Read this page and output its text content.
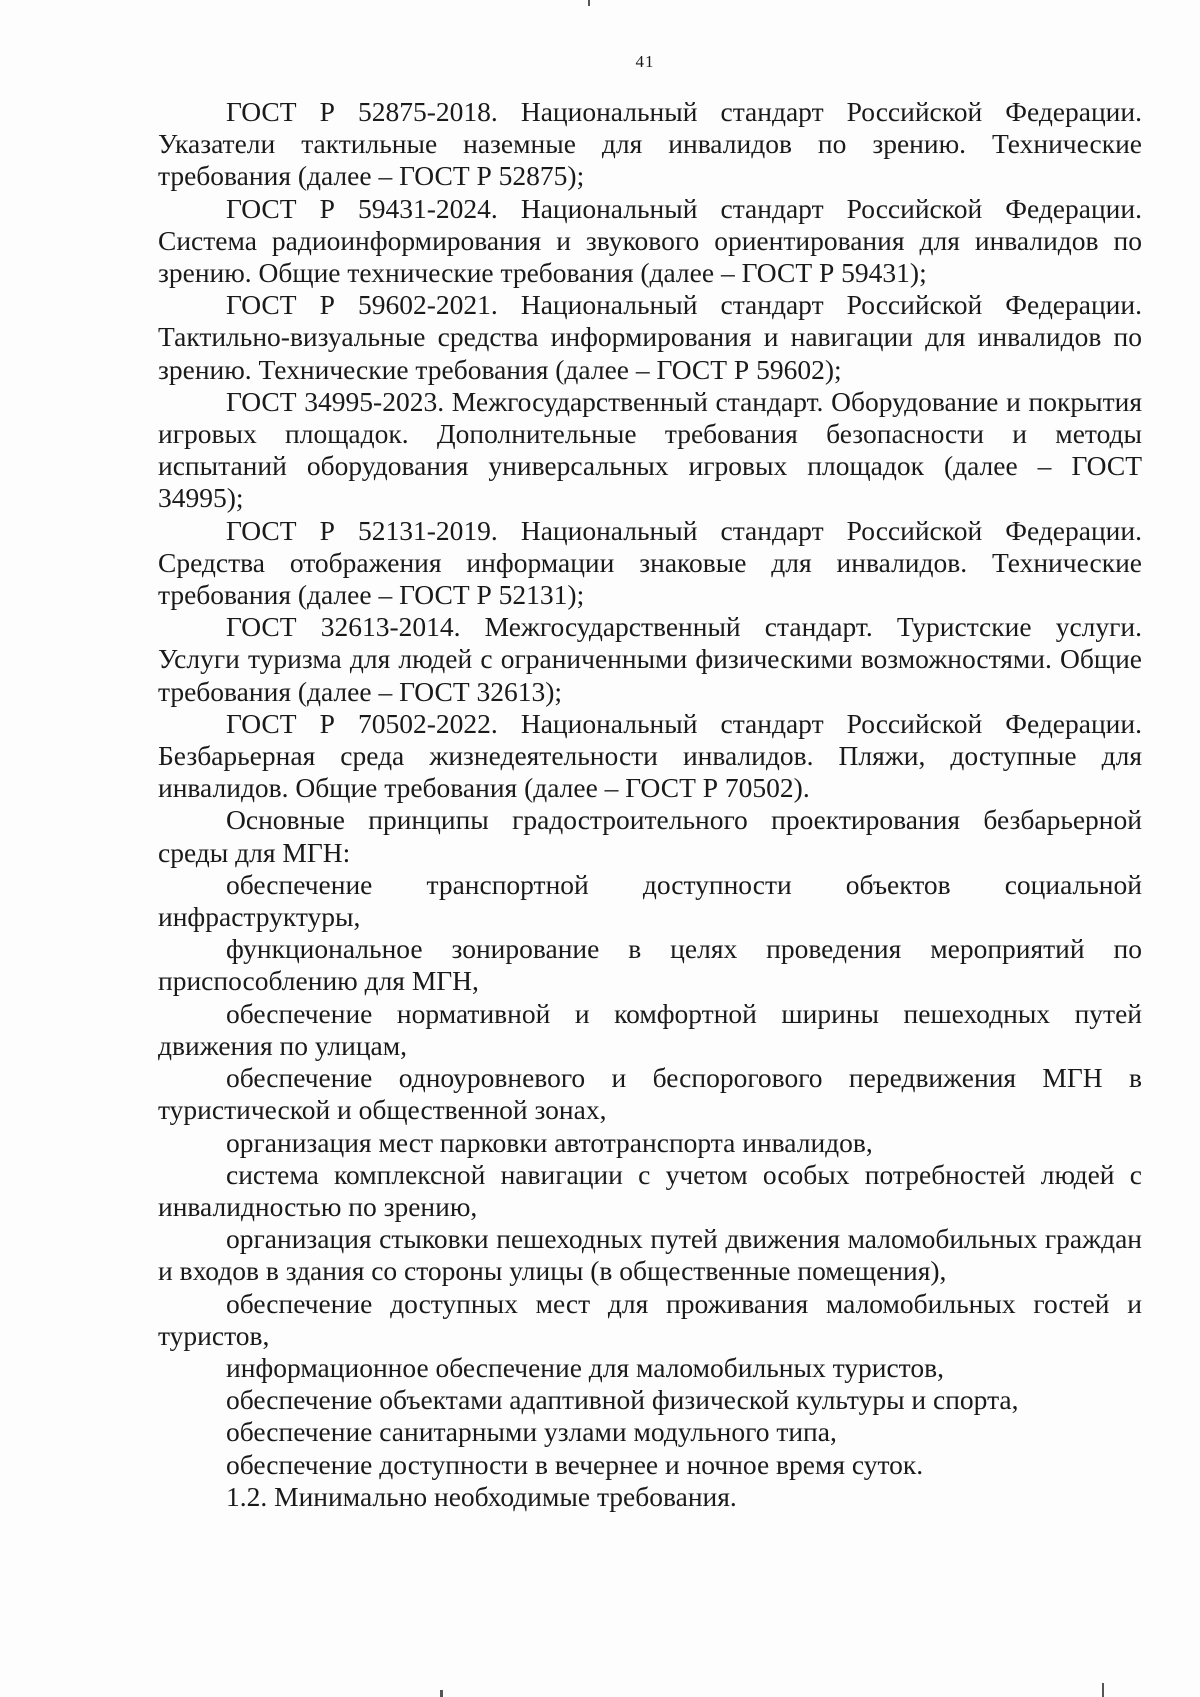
41

ГОСТ Р 52875-2018. Национальный стандарт Российской Федерации. Указатели тактильные наземные для инвалидов по зрению. Технические требования (далее – ГОСТ Р 52875);

ГОСТ Р 59431-2024. Национальный стандарт Российской Федерации. Система радиоинформирования и звукового ориентирования для инвалидов по зрению. Общие технические требования (далее – ГОСТ Р 59431);

ГОСТ Р 59602-2021. Национальный стандарт Российской Федерации. Тактильно-визуальные средства информирования и навигации для инвалидов по зрению. Технические требования (далее – ГОСТ Р 59602);

ГОСТ 34995-2023. Межгосударственный стандарт. Оборудование и покрытия игровых площадок. Дополнительные требования безопасности и методы испытаний оборудования универсальных игровых площадок (далее – ГОСТ 34995);

ГОСТ Р 52131-2019. Национальный стандарт Российской Федерации. Средства отображения информации знаковые для инвалидов. Технические требования (далее – ГОСТ Р 52131);

ГОСТ 32613-2014. Межгосударственный стандарт. Туристские услуги. Услуги туризма для людей с ограниченными физическими возможностями. Общие требования (далее – ГОСТ 32613);

ГОСТ Р 70502-2022. Национальный стандарт Российской Федерации. Безбарьерная среда жизнедеятельности инвалидов. Пляжи, доступные для инвалидов. Общие требования (далее – ГОСТ Р 70502).

Основные принципы градостроительного проектирования безбарьерной среды для МГН:

обеспечение транспортной доступности объектов социальной инфраструктуры,

функциональное зонирование в целях проведения мероприятий по приспособлению для МГН,

обеспечение нормативной и комфортной ширины пешеходных путей движения по улицам,

обеспечение одноуровневого и беспорогового передвижения МГН в туристической и общественной зонах,

организация мест парковки автотранспорта инвалидов,

система комплексной навигации с учетом особых потребностей людей с инвалидностью по зрению,

организация стыковки пешеходных путей движения маломобильных граждан и входов в здания со стороны улицы (в общественные помещения),

обеспечение доступных мест для проживания маломобильных гостей и туристов,

информационное обеспечение для маломобильных туристов,

обеспечение объектами адаптивной физической культуры и спорта,

обеспечение санитарными узлами модульного типа,

обеспечение доступности в вечернее и ночное время суток.

1.2. Минимально необходимые требования.
